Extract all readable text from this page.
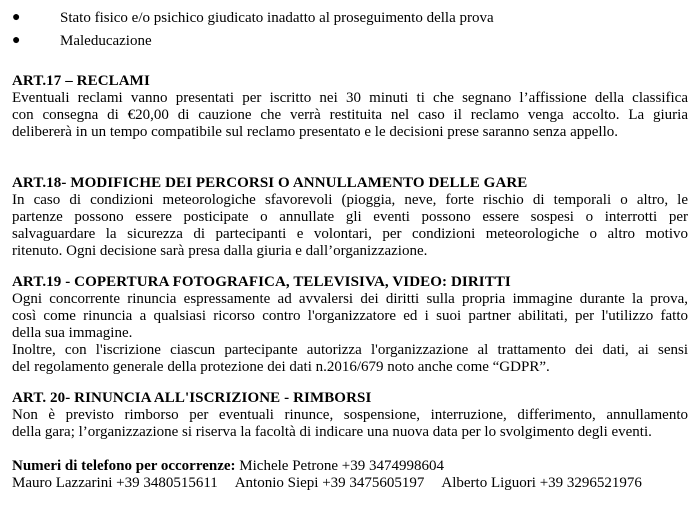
●	Stato fisico e/o psichico giudicato inadatto al proseguimento della prova
●	Maleducazione
ART.17 – RECLAMI
Eventuali reclami vanno presentati per iscritto nei 30 minuti ti che segnano l’affissione della classifica
con consegna di €20,00 di cauzione che verrà restituita nel caso il reclamo venga accolto. La giuria
delibererà in un tempo compatibile sul reclamo presentato e le decisioni prese saranno senza appello.
ART.18- MODIFICHE DEI PERCORSI O ANNULLAMENTO DELLE GARE
In caso di condizioni meteorologiche sfavorevoli (pioggia, neve, forte rischio di temporali o altro, le
partenze possono essere posticipate o annullate gli eventi possono essere sospesi o interrotti per
salvaguardare la sicurezza di partecipanti e volontari, per condizioni meteorologiche o altro motivo
ritenuto. Ogni decisione sarà presa dalla giuria e dall’organizzazione.
ART.19 - COPERTURA FOTOGRAFICA, TELEVISIVA, VIDEO: DIRITTI
Ogni concorrente rinuncia espressamente ad avvalersi dei diritti sulla propria immagine durante la prova,
così come rinuncia a qualsiasi ricorso contro l'organizzatore ed i suoi partner abilitati, per l'utilizzo fatto
della sua immagine.
Inoltre, con l'iscrizione ciascun partecipante autorizza l'organizzazione al trattamento dei dati, ai sensi
del regolamento generale della protezione dei dati n.2016/679 noto anche come “GDPR”.
ART. 20- RINUNCIA ALL'ISCRIZIONE - RIMBORSI
Non è previsto rimborso per eventuali rinunce, sospensione, interruzione, differimento, annullamento
della gara; l’organizzazione si riserva la facoltà di indicare una nuova data per lo svolgimento degli eventi.
Numeri di telefono per occorrenze: Michele Petrone +39 3474998604
Mauro Lazzarini +39 3480515611 Antonio Siepi +39 3475605197 Alberto Liguori +39 3296521976
